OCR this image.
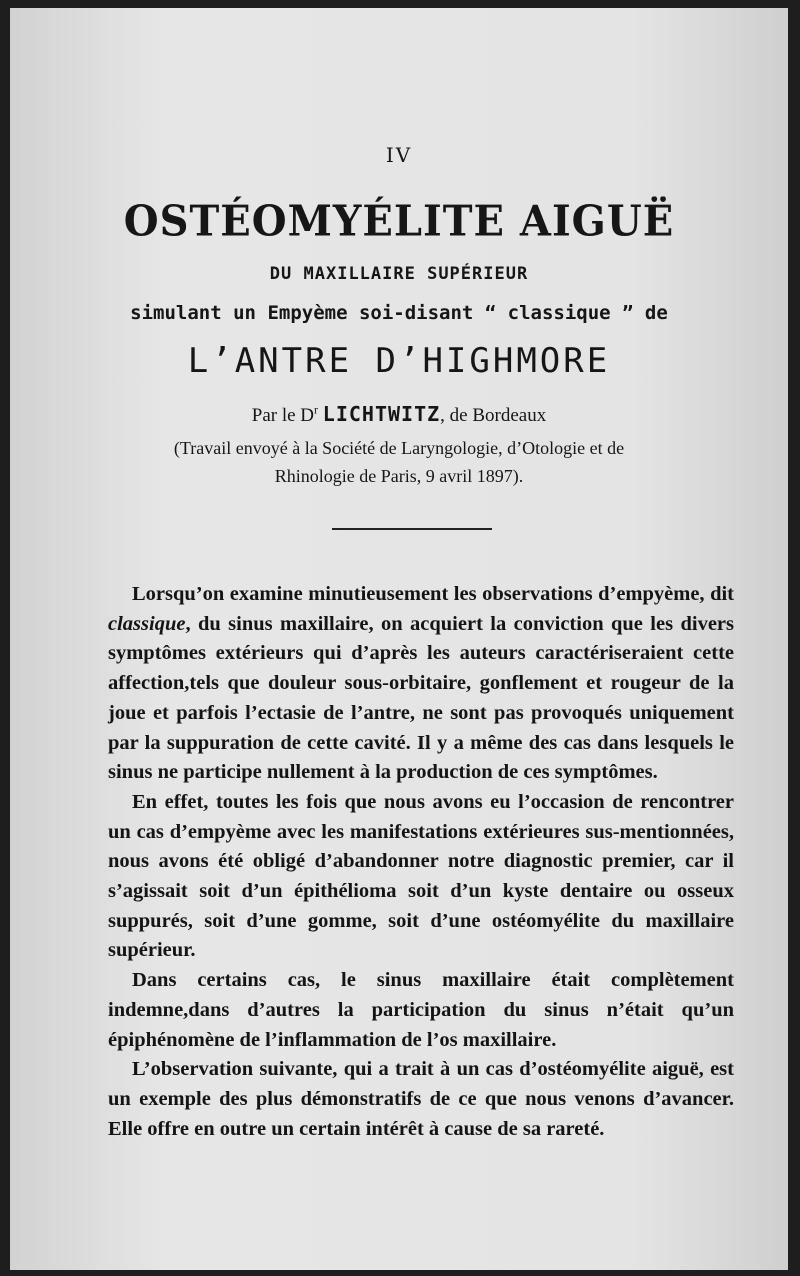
IV
OSTÉOMYÉLITE AIGUË
DU MAXILLAIRE SUPÉRIEUR
simulant un Empyème soi-disant “ classique ” de
L’ANTRE D’HIGHMORE
Par le $D^r$ LICHTWITZ, de Bordeaux
(Travail envoyé à la Société de Laryngologie, d’Otologie et de
Rhinologie de Paris, 9 avril 1897).

Lorsqu’on examine minutieusement les observations d’empyème, dit classique, du sinus maxillaire, on acquiert la conviction que les divers symptômes extérieurs qui d’après les auteurs caractériseraient cette affection,tels que douleur sous-orbitaire, gonflement et rougeur de la joue et parfois l’ectasie de l’antre, ne sont pas provoqués uniquement par la suppuration de cette cavité. Il y a même des cas dans lesquels le sinus ne participe nullement à la production de ces symptômes.

En effet, toutes les fois que nous avons eu l’occasion de rencontrer un cas d’empyème avec les manifestations extérieures sus-mentionnées, nous avons été obligé d’abandonner notre diagnostic premier, car il s’agissait soit d’un épithélioma soit d’un kyste dentaire ou osseux suppurés, soit d’une gomme, soit d’une ostéomyélite du maxillaire supérieur.

Dans certains cas, le sinus maxillaire était complètement indemne,dans d’autres la participation du sinus n’était qu’un épiphénomène de l’inflammation de l’os maxillaire.

L’observation suivante, qui a trait à un cas d’ostéomyélite aiguë, est un exemple des plus démonstratifs de ce que nous venons d’avancer. Elle offre en outre un certain intérêt à cause de sa rareté.
